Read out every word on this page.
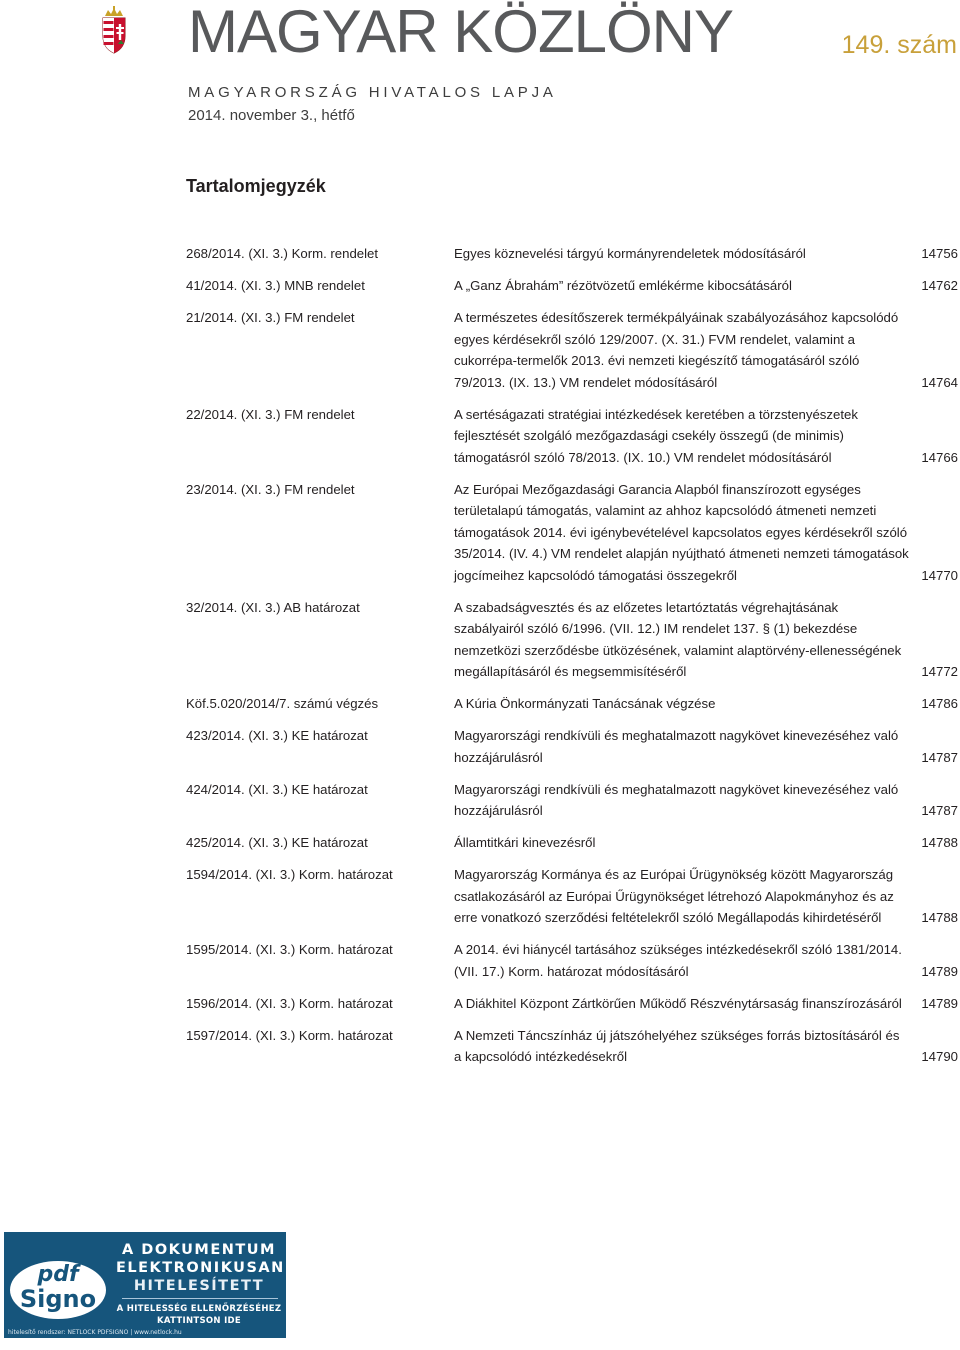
MAGYAR KÖZLÖNY	149. szám
MAGYARORSZÁG HIVATALOS LAPJA
2014. november 3., hétfő
Tartalomjegyzék
268/2014. (XI. 3.) Korm. rendelet	Egyes köznevelési tárgyú kormányrendeletek módosításáról	14756
41/2014. (XI. 3.) MNB rendelet	A „Ganz Ábrahám” rézötvözetű emlékérme kibocsátásáról	14762
21/2014. (XI. 3.) FM rendelet	A természetes édesítőszerek termékpályáinak szabályozásához kapcsolódó egyes kérdésekről szóló 129/2007. (X. 31.) FVM rendelet, valamint a cukorrépa-termelők 2013. évi nemzeti kiegészítő támogatásáról szóló 79/2013. (IX. 13.) VM rendelet módosításáról	14764
22/2014. (XI. 3.) FM rendelet	A sertéságazati stratégiai intézkedések keretében a törzstenyészetek fejlesztését szolgáló mezőgazdasági csekély összegű (de minimis) támogatásról szóló 78/2013. (IX. 10.) VM rendelet módosításáról	14766
23/2014. (XI. 3.) FM rendelet	Az Európai Mezőgazdasági Garancia Alapból finanszírozott egységes területalapú támogatás, valamint az ahhoz kapcsolódó átmeneti nemzeti támogatások 2014. évi igénybevételével kapcsolatos egyes kérdésekről szóló 35/2014. (IV. 4.) VM rendelet alapján nyújtható átmeneti nemzeti támogatások jogcímeihez kapcsolódó támogatási összegekről	14770
32/2014. (XI. 3.) AB határozat	A szabadságvesztés és az előzetes letartóztatás végrehajtásának szabályairól szóló 6/1996. (VII. 12.) IM rendelet 137. § (1) bekezdése nemzetközi szerződésbe ütközésének, valamint alaptörvény-ellenességének megállapításáról és megsemmisítéséről	14772
Köf.5.020/2014/7. számú végzés	A Kúria Önkormányzati Tanácsának végzése	14786
423/2014. (XI. 3.) KE határozat	Magyarországi rendkívüli és meghatalmazott nagykövet kinevezéséhez való hozzájárulásról	14787
424/2014. (XI. 3.) KE határozat	Magyarországi rendkívüli és meghatalmazott nagykövet kinevezéséhez való hozzájárulásról	14787
425/2014. (XI. 3.) KE határozat	Államtitkári kinevezésről	14788
1594/2014. (XI. 3.) Korm. határozat	Magyarország Kormánya és az Európai Űrügynökség között Magyarország csatlakozásáról az Európai Űrügynökséget létrehozó Alapokmányhoz és az erre vonatkozó szerződési feltételekről szóló Megállapodás kihirdetéséről	14788
1595/2014. (XI. 3.) Korm. határozat	A 2014. évi hiánycél tartásához szükséges intézkedésekről szóló 1381/2014. (VII. 17.) Korm. határozat módosításáról	14789
1596/2014. (XI. 3.) Korm. határozat	A Diákhitel Központ Zártkörűen Működő Részvénytársaság finanszírozásáról	14789
1597/2014. (XI. 3.) Korm. határozat	A Nemzeti Táncszínház új játszóhelyéhez szükséges forrás biztosításáról és a kapcsolódó intézkedésekről	14790
pdf
Signo
A DOKUMENTUM
ELEKTRONIKUSAN
HITELESÍTETT
A HITELESSÉG ELLENŐRZÉSÉHEZ
KATTINTSON IDE
hitelesítő rendszer: NETLOCK PDFSIGNO | www.netlock.hu
